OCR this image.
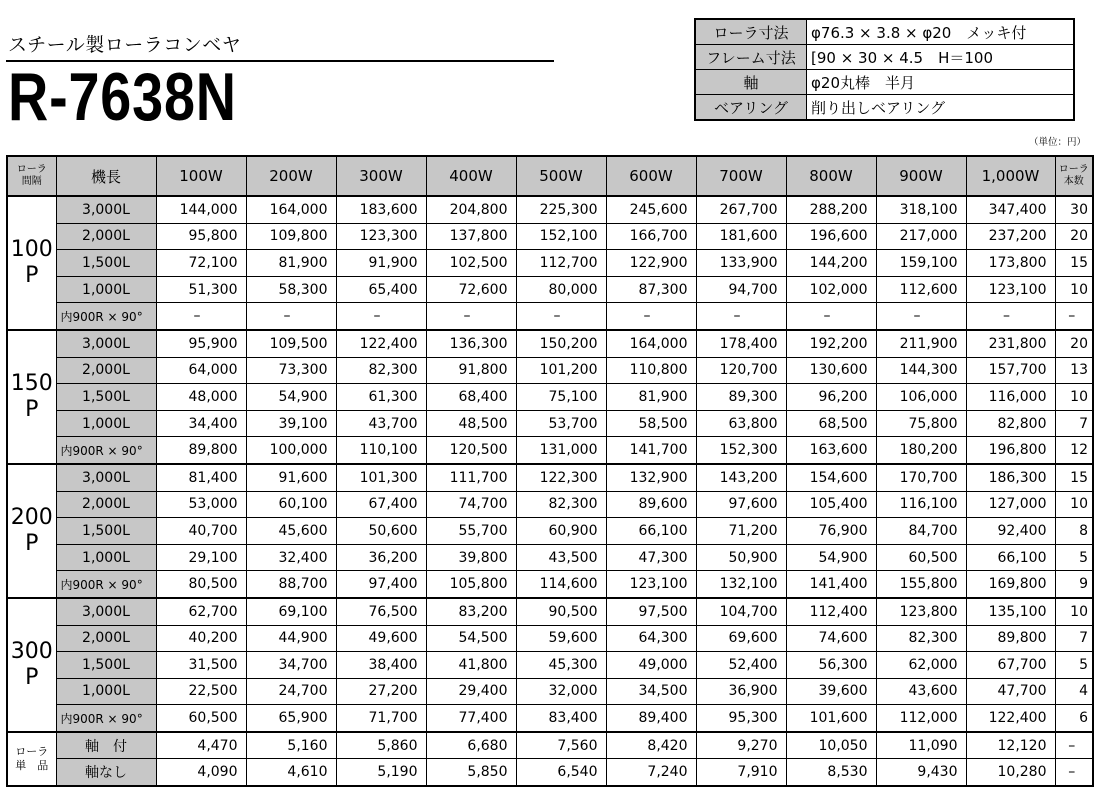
スチール製ローラコンベヤ
R-7638N
ローラ寸法	φ76.3 × 3.8 × φ20　メッキ付
フレーム寸法	[90 × 30 × 4.5　H＝100
軸	φ20丸棒　半月
ベアリング	削り出しベアリング
（単位：円）
ローラ
間隔	機長	100W	200W	300W	400W	500W	600W	700W	800W	900W	1,000W	ローラ
本数
100
P	3,000L	144,000	164,000	183,600	204,800	225,300	245,600	267,700	288,200	318,100	347,400	30
	2,000L	95,800	109,800	123,300	137,800	152,100	166,700	181,600	196,600	217,000	237,200	20
	1,500L	72,100	81,900	91,900	102,500	112,700	122,900	133,900	144,200	159,100	173,800	15
	1,000L	51,300	58,300	65,400	72,600	80,000	87,300	94,700	102,000	112,600	123,100	10
	内900R × 90°	–	–	–	–	–	–	–	–	–	–	–
150
P	3,000L	95,900	109,500	122,400	136,300	150,200	164,000	178,400	192,200	211,900	231,800	20
	2,000L	64,000	73,300	82,300	91,800	101,200	110,800	120,700	130,600	144,300	157,700	13
	1,500L	48,000	54,900	61,300	68,400	75,100	81,900	89,300	96,200	106,000	116,000	10
	1,000L	34,400	39,100	43,700	48,500	53,700	58,500	63,800	68,500	75,800	82,800	7
	内900R × 90°	89,800	100,000	110,100	120,500	131,000	141,700	152,300	163,600	180,200	196,800	12
200
P	3,000L	81,400	91,600	101,300	111,700	122,300	132,900	143,200	154,600	170,700	186,300	15
	2,000L	53,000	60,100	67,400	74,700	82,300	89,600	97,600	105,400	116,100	127,000	10
	1,500L	40,700	45,600	50,600	55,700	60,900	66,100	71,200	76,900	84,700	92,400	8
	1,000L	29,100	32,400	36,200	39,800	43,500	47,300	50,900	54,900	60,500	66,100	5
	内900R × 90°	80,500	88,700	97,400	105,800	114,600	123,100	132,100	141,400	155,800	169,800	9
300
P	3,000L	62,700	69,100	76,500	83,200	90,500	97,500	104,700	112,400	123,800	135,100	10
	2,000L	40,200	44,900	49,600	54,500	59,600	64,300	69,600	74,600	82,300	89,800	7
	1,500L	31,500	34,700	38,400	41,800	45,300	49,000	52,400	56,300	62,000	67,700	5
	1,000L	22,500	24,700	27,200	29,400	32,000	34,500	36,900	39,600	43,600	47,700	4
	内900R × 90°	60,500	65,900	71,700	77,400	83,400	89,400	95,300	101,600	112,000	122,400	6
ローラ
単　品	軸　付	4,470	5,160	5,860	6,680	7,560	8,420	9,270	10,050	11,090	12,120	–
	軸なし	4,090	4,610	5,190	5,850	6,540	7,240	7,910	8,530	9,430	10,280	–
